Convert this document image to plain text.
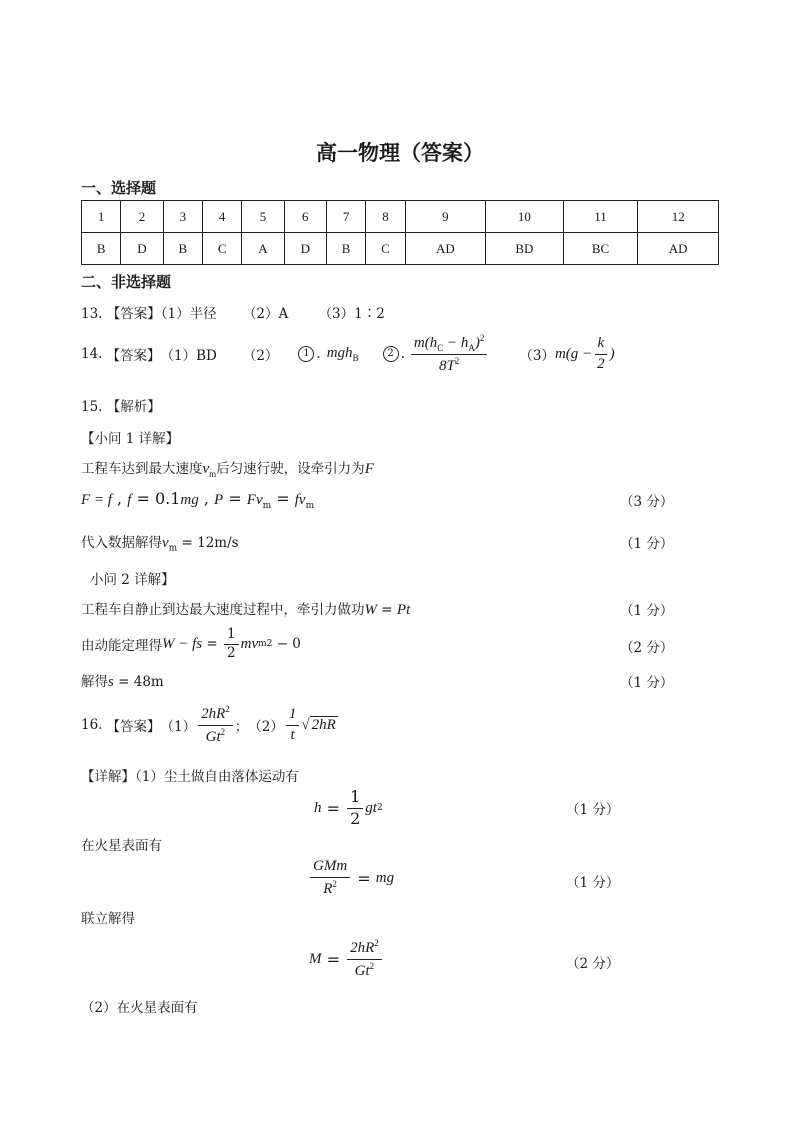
高一物理（答案）
一、选择题
1	2	3	4	5	6	7	8	9	10	11	12
B	D	B	C	A	D	B	C	AD	BD	BC	AD
二、非选择题
13. 【答案】（1）半径 （2）A （3）1∶2
14. 【答案】 （1）BD （2）	1 . mgh$_B$	2 . $\frac{m(h_C - h_A)^2}{8T^2} (3) m(g - \frac{k}{2}$ )
15. 【解析】
【小问 1 详解】
工程车达到最大速度$v_m$后匀速行驶，设牵引力为F
F = f , f = 0.1mg , $P = Fv_m = fv_m$	（3 分）
代入数据解得$v_m = 12m/s$	（1 分）
小问 2 详解】
工程车自静止到达最大速度过程中，牵引力做功W = Pt	（1 分）
由动能定理得 W − fs = $\frac{1}{2}$ mv m 2 − 0	（2 分）
解得s = 48m	（1 分）
16. 【答案】 $(1) \frac{2hR^2}{Gt^2}$ ； $(2) \frac{1}{t}$ √ 2hR
【详解】（1）尘土做自由落体运动有
$h = \frac{1}{2}$ gt 2	（1 分）
在火星表面有
$\frac{\text{GMm}}{R^2}$ = mg	（1 分）
联立解得
$M = \frac{2hR^2}{Gt^2}$	（2 分）
（2）在火星表面有
